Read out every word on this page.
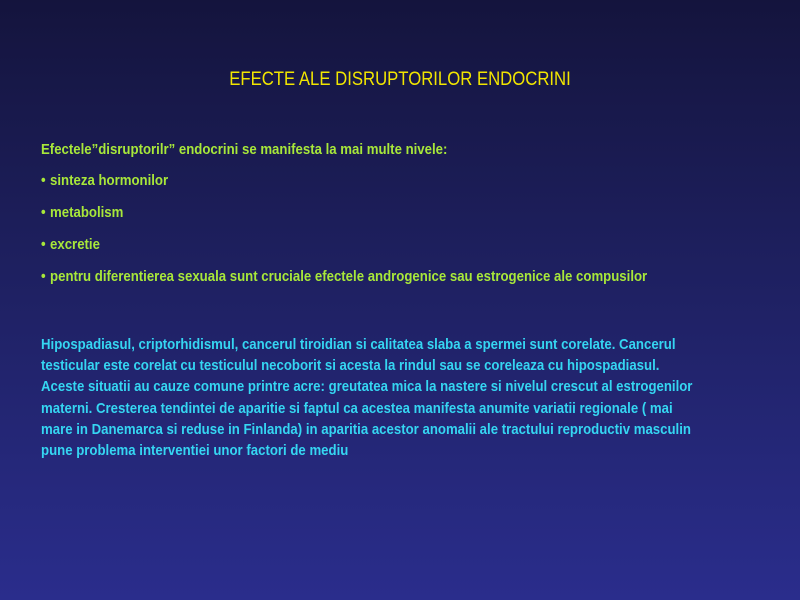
EFECTE ALE DISRUPTORILOR ENDOCRINI

Efectele”disruptorilr” endocrini se manifesta la mai multe nivele:

• sinteza hormonilor
• metabolism
• excretie
• pentru diferentierea sexuala sunt cruciale efectele androgenice sau estrogenice ale compusilor
Hipospadiasul, criptorhidismul, cancerul tiroidian si calitatea slaba a spermei sunt corelate. Cancerul
testicular este corelat cu testiculul necoborit si acesta la rindul sau se coreleaza cu hipospadiasul.
Aceste situatii au cauze comune printre acre: greutatea mica la nastere si nivelul crescut al estrogenilor
materni. Cresterea tendintei de aparitie si faptul ca acestea manifesta anumite variatii regionale ( mai
mare in Danemarca si reduse in Finlanda) in aparitia acestor anomalii ale tractului reproductiv masculin
pune problema interventiei unor factori de mediu
